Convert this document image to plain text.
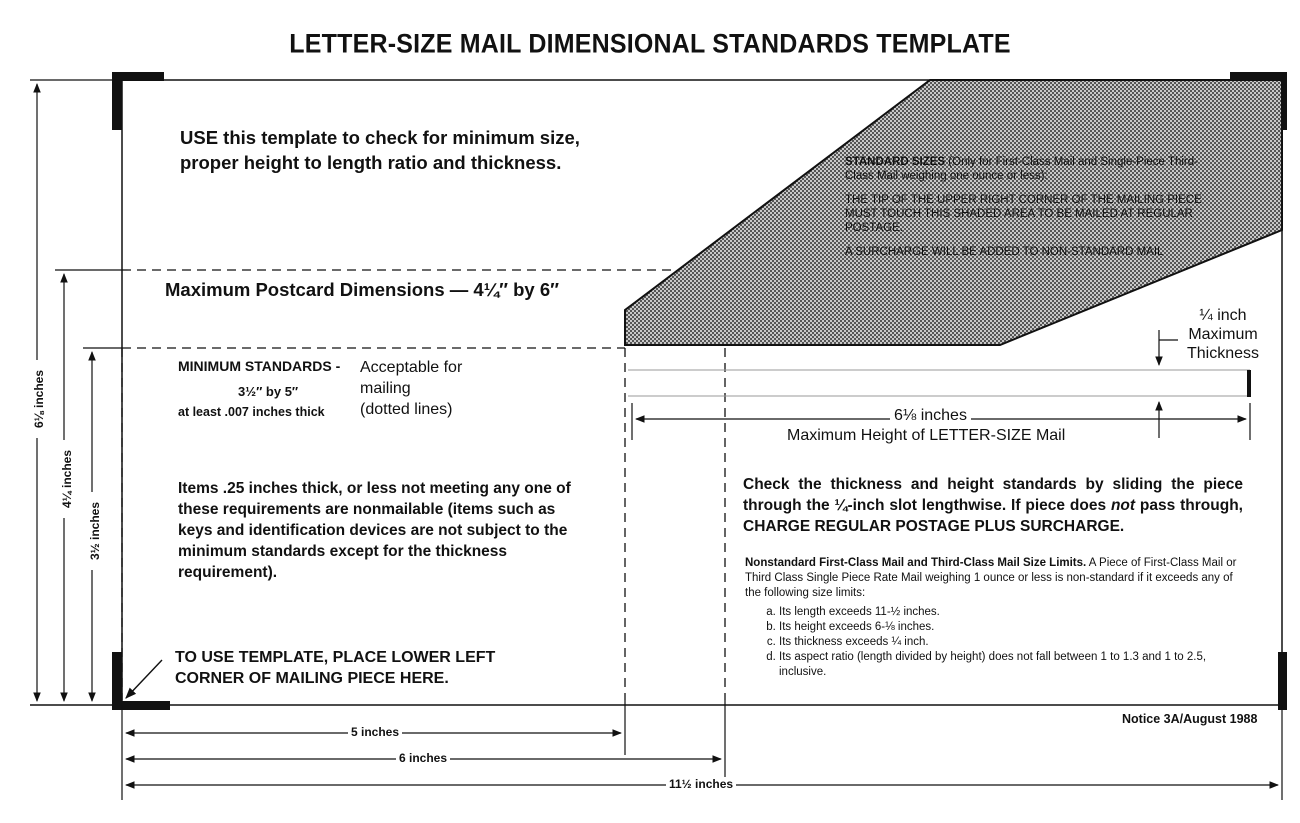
LETTER-SIZE MAIL DIMENSIONAL STANDARDS TEMPLATE
USE this template to check for minimum size, proper height to length ratio and thickness.
Maximum Postcard Dimensions — 4¼″ by 6″
MINIMUM STANDARDS -
3½″ by 5″
at least .007 inches thick
Acceptable for
mailing
(dotted lines)
Items .25 inches thick, or less not meeting any one of these requirements are nonmailable (items such as keys and identification devices are not subject to the minimum standards except for the thickness requirement).
TO USE TEMPLATE, PLACE LOWER LEFT
CORNER OF MAILING PIECE HERE.

STANDARD SIZES (Only for First-Class Mail and Single-Piece Third-Class Mail weighing one ounce or less):

THE TIP OF THE UPPER RIGHT CORNER OF THE MAILING PIECE MUST TOUCH THIS SHADED AREA TO BE MAILED AT REGULAR POSTAGE.

A SURCHARGE WILL BE ADDED TO NON-STANDARD MAIL

¼ inch
Maximum
Thickness
6⅛ inches
Maximum Height of LETTER-SIZE Mail
Check the thickness and height standards by sliding the piece through the ¼-inch slot lengthwise. If piece does not pass through, CHARGE REGULAR POSTAGE PLUS SURCHARGE.
Nonstandard First-Class Mail and Third-Class Mail Size Limits. A Piece of First-Class Mail or Third Class Single Piece Rate Mail weighing 1 ounce or less is non-standard if it exceeds any of the following size limits:
a. Its length exceeds 11-½ inches.
b. Its height exceeds 6-⅛ inches.
c. Its thickness exceeds ¼ inch.
d. Its aspect ratio (length divided by height) does not fall between 1 to 1.3 and 1 to 2.5, inclusive.
Notice 3A/August 1988
5 inches
6 inches
11½ inches
6⅛ inches
4¼ inches
3½ inches
